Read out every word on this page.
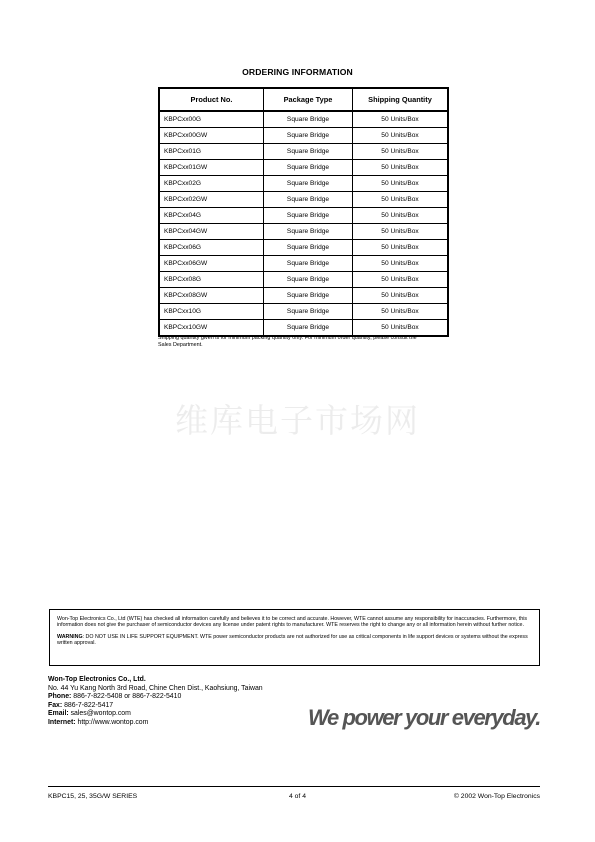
ORDERING INFORMATION
Product No.	Package Type	Shipping Quantity
KBPCxx00G	Square Bridge	50 Units/Box
KBPCxx00GW	Square Bridge	50 Units/Box
KBPCxx01G	Square Bridge	50 Units/Box
KBPCxx01GW	Square Bridge	50 Units/Box
KBPCxx02G	Square Bridge	50 Units/Box
KBPCxx02GW	Square Bridge	50 Units/Box
KBPCxx04G	Square Bridge	50 Units/Box
KBPCxx04GW	Square Bridge	50 Units/Box
KBPCxx06G	Square Bridge	50 Units/Box
KBPCxx06GW	Square Bridge	50 Units/Box
KBPCxx08G	Square Bridge	50 Units/Box
KBPCxx08GW	Square Bridge	50 Units/Box
KBPCxx10G	Square Bridge	50 Units/Box
KBPCxx10GW	Square Bridge	50 Units/Box
Shipping quantity given is for minimum packing quantity only. For minimum order quantity, please consult the Sales Department.
维库电子市场网

Won-Top Electronics Co., Ltd (WTE) has checked all information carefully and believes it to be correct and accurate. However, WTE cannot assume any responsibility for inaccuracies. Furthermore, this information does not give the purchaser of semiconductor devices any license under patent rights to manufacturer. WTE reserves the right to change any or all information herein without further notice.

WARNING: DO NOT USE IN LIFE SUPPORT EQUIPMENT. WTE power semiconductor products are not authorized for use as critical components in life support devices or systems without the express written approval.

Won-Top Electronics Co., Ltd.
No. 44 Yu Kang North 3rd Road, Chine Chen Dist., Kaohsiung, Taiwan
Phone: 886-7-822-5408 or 886-7-822-5410
Fax: 886-7-822-5417
Email: sales@wontop.com
Internet: http://www.wontop.com	We power your everyday.
KBPC15, 25, 35G/W SERIES	4 of 4	© 2002 Won-Top Electronics
